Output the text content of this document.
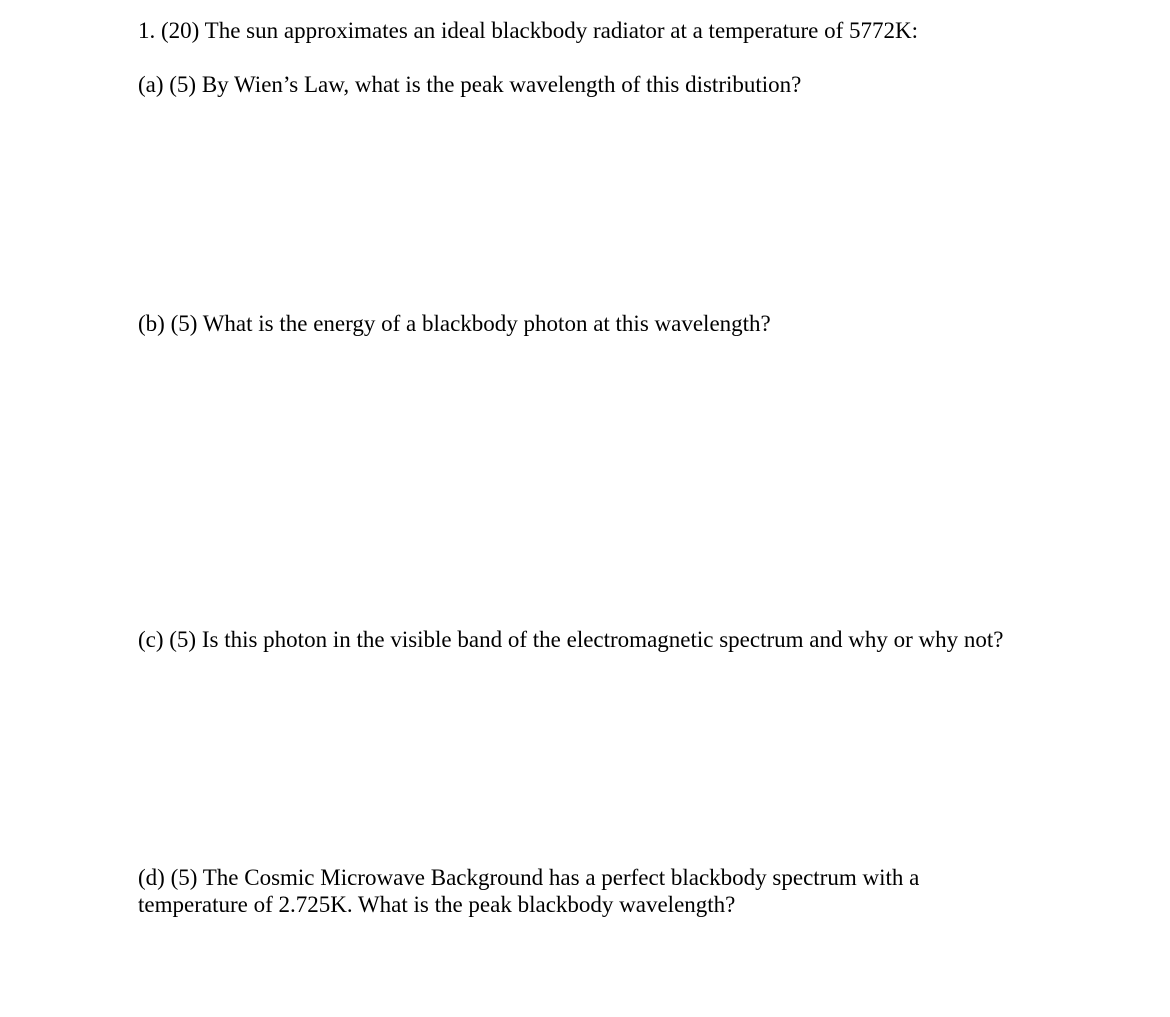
1. (20) The sun approximates an ideal blackbody radiator at a temperature of 5772K:

(a) (5) By Wien’s Law, what is the peak wavelength of this distribution?

(b) (5) What is the energy of a blackbody photon at this wavelength?

(c) (5) Is this photon in the visible band of the electromagnetic spectrum and why or why not?

(d) (5) The Cosmic Microwave Background has a perfect blackbody spectrum with a

temperature of 2.725K. What is the peak blackbody wavelength?
